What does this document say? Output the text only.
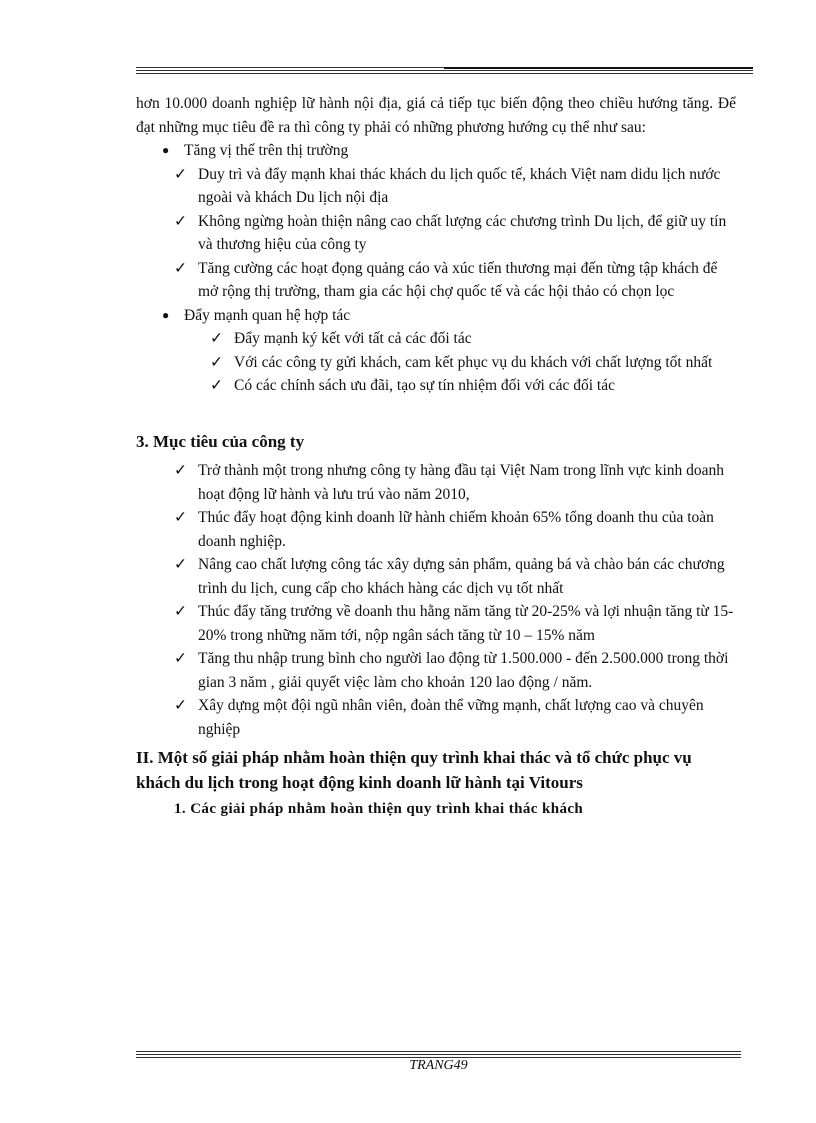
hơn 10.000 doanh nghiệp lữ hành nội địa, giá cả tiếp tục biến động theo chiều hướng tăng. Để đạt những mục tiêu đề ra thì công ty phải có những phương hướng cụ thể như sau:

● Tăng vị thế trên thị trường
✓ Duy trì và đẩy mạnh khai thác khách du lịch quốc tế, khách Việt nam didu lịch nước ngoài và khách Du lịch nội địa
✓ Không ngừng hoàn thiện nâng cao chất lượng các chương trình Du lịch, để giữ uy tín và thương hiệu của công ty
✓ Tăng cường các hoạt đọng quảng cáo và xúc tiến thương mại đến từng tập khách để mở rộng thị trường, tham gia các hội chợ quốc tế và các hội thảo có chọn lọc
● Đẩy mạnh quan hệ hợp tác
✓ Đẩy mạnh ký kết với tất cả các đối tác
✓ Với các công ty gửi khách, cam kết phục vụ du khách với chất lượng tốt nhất
✓ Có các chính sách ưu đãi, tạo sự tín nhiệm đối với các đối tác
3. Mục tiêu của công ty
✓ Trở thành một trong nhưng công ty hàng đầu tại Việt Nam trong lĩnh vực kinh doanh hoạt động lữ hành và lưu trú vào năm 2010,
✓ Thúc đẩy hoạt động kinh doanh lữ hành chiếm khoản 65% tổng doanh thu của toàn doanh nghiệp.
✓ Nâng cao chất lượng công tác xây dựng sản phẩm, quảng bá và chào bán các chương trình du lịch, cung cấp cho khách hàng các dịch vụ tốt nhất
✓ Thúc đẩy tăng trưởng về doanh thu hằng năm tăng từ 20-25% và lợi nhuận tăng từ 15-20% trong những năm tới, nộp ngân sách tăng từ 10 – 15% năm
✓ Tăng thu nhập trung bình cho người lao động từ 1.500.000 - đến 2.500.000 trong thời gian 3 năm , giải quyết việc làm cho khoản 120 lao động / năm.
✓ Xây dựng một đội ngũ nhân viên, đoàn thể vững mạnh, chất lượng cao và chuyên nghiệp
II. Một số giải pháp nhằm hoàn thiện quy trình khai thác và tổ chức phục vụ khách du lịch trong hoạt động kinh doanh lữ hành tại Vitours
1. Các giải pháp nhằm hoàn thiện quy trình khai thác khách
TRANG49
